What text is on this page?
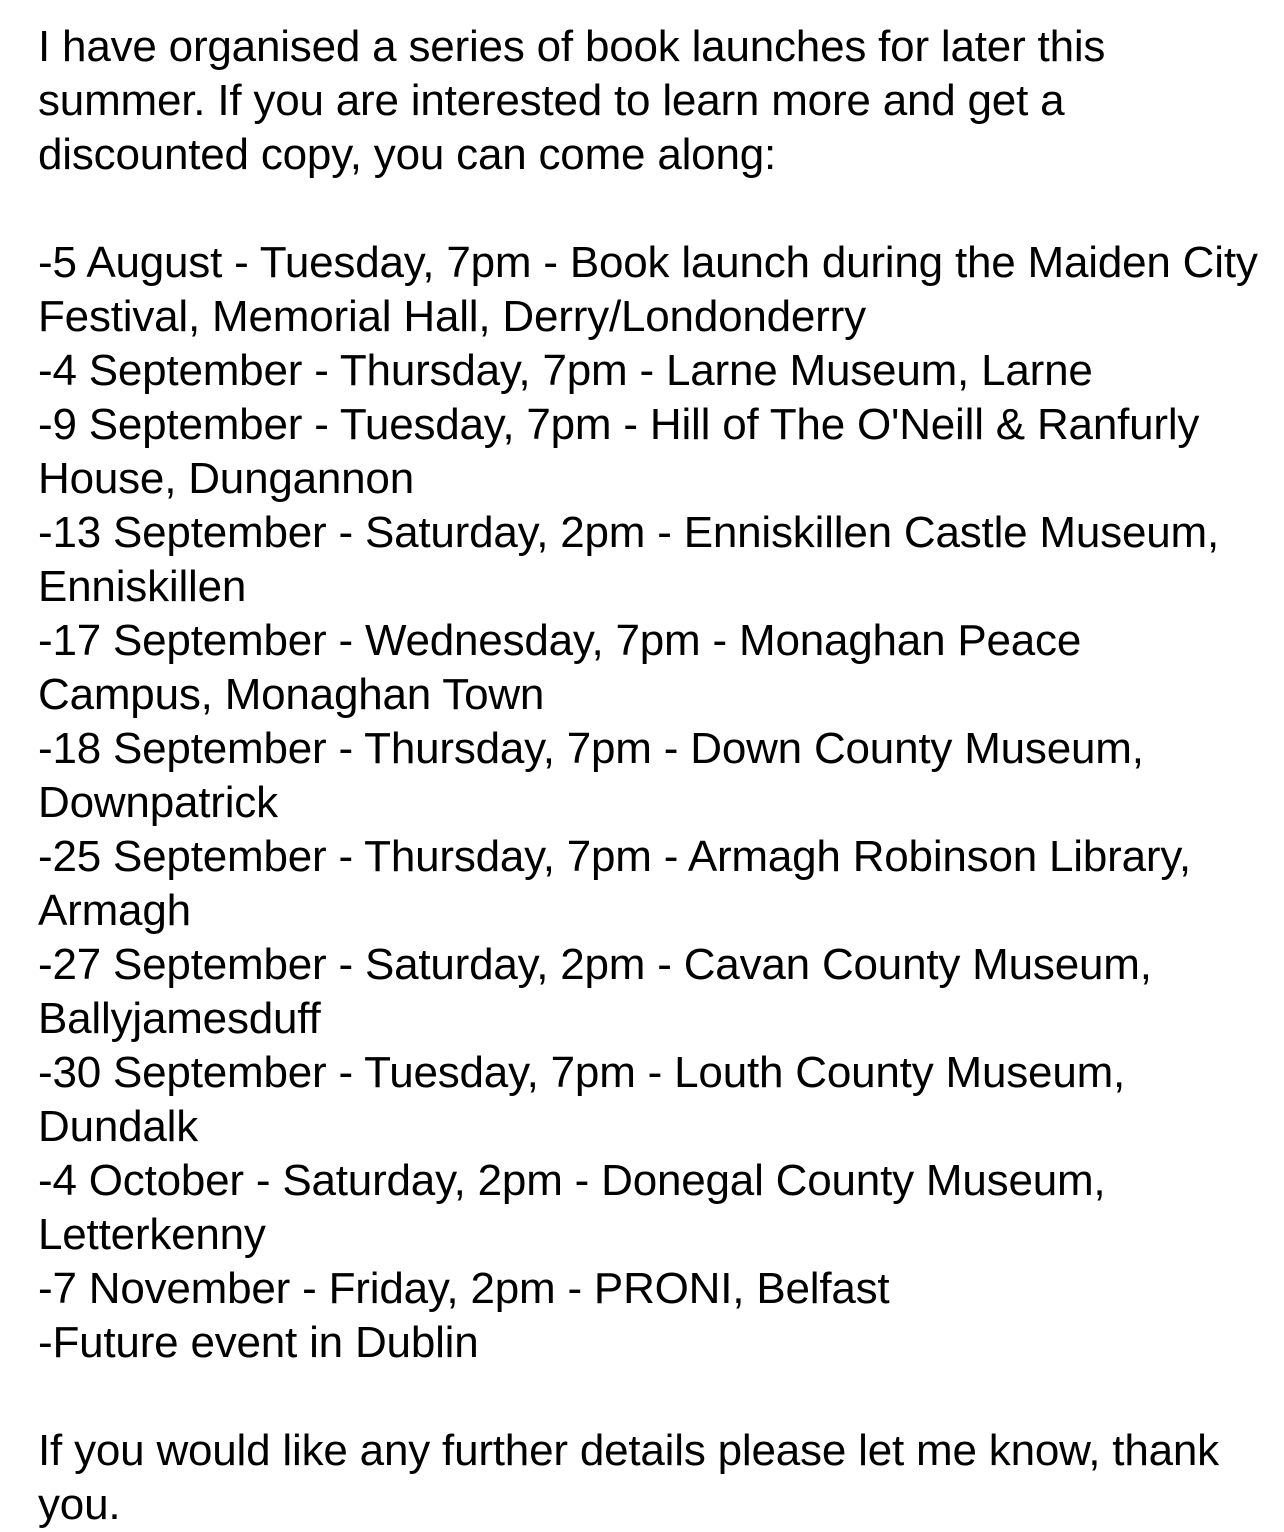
I have organised a series of book launches for later this summer. If you are interested to learn more and get a discounted copy, you can come along:

-5 August - Tuesday, 7pm - Book launch during the Maiden City Festival, Memorial Hall, Derry/Londonderry

-4 September - Thursday, 7pm - Larne Museum, Larne

-9 September - Tuesday, 7pm - Hill of The O'Neill & Ranfurly House, Dungannon

-13 September - Saturday, 2pm - Enniskillen Castle Museum, Enniskillen

-17 September - Wednesday, 7pm - Monaghan Peace Campus, Monaghan Town

-18 September - Thursday, 7pm - Down County Museum, Downpatrick

-25 September - Thursday, 7pm - Armagh Robinson Library, Armagh

-27 September - Saturday, 2pm - Cavan County Museum, Ballyjamesduff

-30 September - Tuesday, 7pm - Louth County Museum, Dundalk

-4 October - Saturday, 2pm - Donegal County Museum, Letterkenny

-7 November - Friday, 2pm - PRONI, Belfast

-Future event in Dublin

If you would like any further details please let me know, thank you.
